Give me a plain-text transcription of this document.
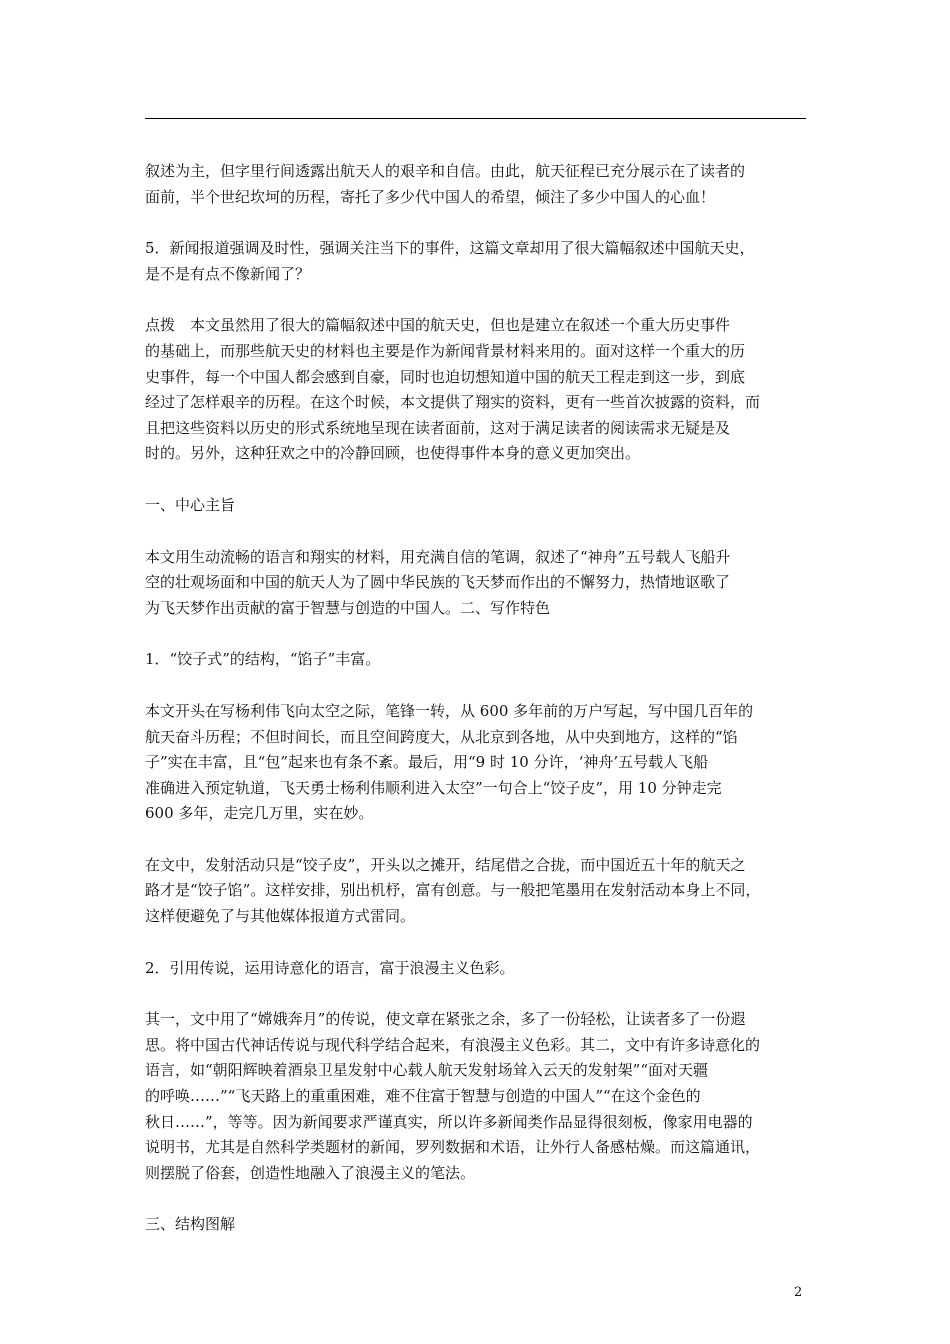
叙述为主，但字里行间透露出航天人的艰辛和自信。由此，航天征程已充分展示在了读者的
面前，半个世纪坎坷的历程，寄托了多少代中国人的希望，倾注了多少中国人的心血！

5．新闻报道强调及时性，强调关注当下的事件，这篇文章却用了很大篇幅叙述中国航天史，
是不是有点不像新闻了？

点拨　本文虽然用了很大的篇幅叙述中国的航天史，但也是建立在叙述一个重大历史事件
的基础上，而那些航天史的材料也主要是作为新闻背景材料来用的。面对这样一个重大的历
史事件，每一个中国人都会感到自豪，同时也迫切想知道中国的航天工程走到这一步，到底
经过了怎样艰辛的历程。在这个时候，本文提供了翔实的资料，更有一些首次披露的资料，而
且把这些资料以历史的形式系统地呈现在读者面前，这对于满足读者的阅读需求无疑是及
时的。另外，这种狂欢之中的冷静回顾，也使得事件本身的意义更加突出。

一、中心主旨

本文用生动流畅的语言和翔实的材料，用充满自信的笔调，叙述了“神舟”五号载人飞船升
空的壮观场面和中国的航天人为了圆中华民族的飞天梦而作出的不懈努力，热情地讴歌了
为飞天梦作出贡献的富于智慧与创造的中国人。二、写作特色

1．“饺子式”的结构，“馅子”丰富。

本文开头在写杨利伟飞向太空之际，笔锋一转，从 600 多年前的万户写起，写中国几百年的
航天奋斗历程；不但时间长，而且空间跨度大，从北京到各地，从中央到地方，这样的“馅
子”实在丰富，且“包”起来也有条不紊。最后，用“9 时 10 分许，‘神舟’五号载人飞船
准确进入预定轨道，飞天勇士杨利伟顺利进入太空”一句合上“饺子皮”，用 10 分钟走完
600 多年，走完几万里，实在妙。

在文中，发射活动只是“饺子皮”，开头以之摊开，结尾借之合拢，而中国近五十年的航天之
路才是“饺子馅”。这样安排，别出机杼，富有创意。与一般把笔墨用在发射活动本身上不同，
这样便避免了与其他媒体报道方式雷同。

2．引用传说，运用诗意化的语言，富于浪漫主义色彩。

其一，文中用了“嫦娥奔月”的传说，使文章在紧张之余，多了一份轻松，让读者多了一份遐
思。将中国古代神话传说与现代科学结合起来，有浪漫主义色彩。其二，文中有许多诗意化的
语言，如“朝阳辉映着酒泉卫星发射中心载人航天发射场耸入云天的发射架”“面对天疆
的呼唤……”“飞天路上的重重困难，难不住富于智慧与创造的中国人”“在这个金色的
秋日……”，等等。因为新闻要求严谨真实，所以许多新闻类作品显得很刻板，像家用电器的
说明书，尤其是自然科学类题材的新闻，罗列数据和术语，让外行人备感枯燥。而这篇通讯，
则摆脱了俗套，创造性地融入了浪漫主义的笔法。

三、结构图解

2
